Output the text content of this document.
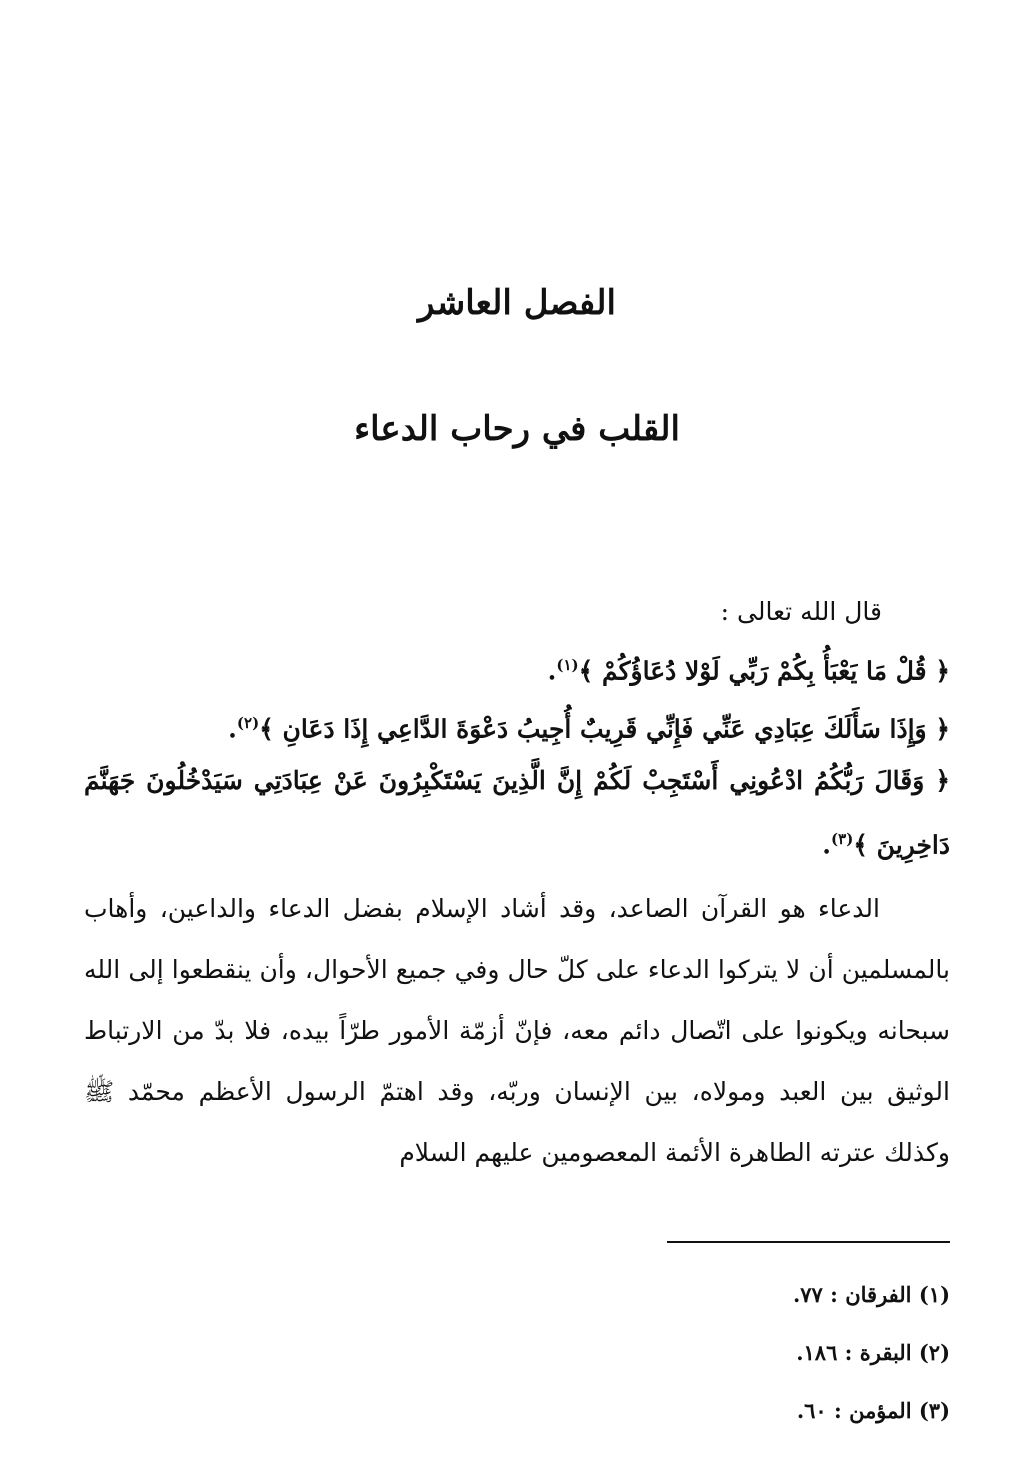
الفصل العاشر
القلب في رحاب الدعاء
قال الله تعالى :
﴿ قُلْ مَا يَعْبَأُ بِكُمْ رَبِّي لَوْلا دُعَاؤُكُمْ ﴾$^{(١)}$.
﴿ وَإِذَا سَأَلَكَ عِبَادِي عَنِّي فَإِنِّي قَرِيبٌ أُجِيبُ دَعْوَةَ الدَّاعِي إِذَا دَعَانِ ﴾$^{(٢)}$.
﴿ وَقَالَ رَبُّكُمُ ادْعُونِي أَسْتَجِبْ لَكُمْ إِنَّ الَّذِينَ يَسْتَكْبِرُونَ عَنْ عِبَادَتِي سَيَدْخُلُونَ جَهَنَّمَ دَاخِرِينَ ﴾$^{(٣)}$.

الدعاء هو القرآن الصاعد، وقد أشاد الإسلام بفضل الدعاء والداعين، وأهاب بالمسلمين أن لا يتركوا الدعاء على كلّ حال وفي جميع الأحوال، وأن ينقطعوا إلى الله سبحانه ويكونوا على اتّصال دائم معه، فإنّ أزمّة الأمور طرّاً بيده، فلا بدّ من الارتباط الوثيق بين العبد ومولاه، بين الإنسان وربّه، وقد اهتمّ الرسول الأعظم محمّد ﷺ وكذلك عترته الطاهرة الأئمة المعصومين عليهم السلام

(١) الفرقان : ٧٧.
(٢) البقرة : ١٨٦.
(٣) المؤمن : ٦٠.
